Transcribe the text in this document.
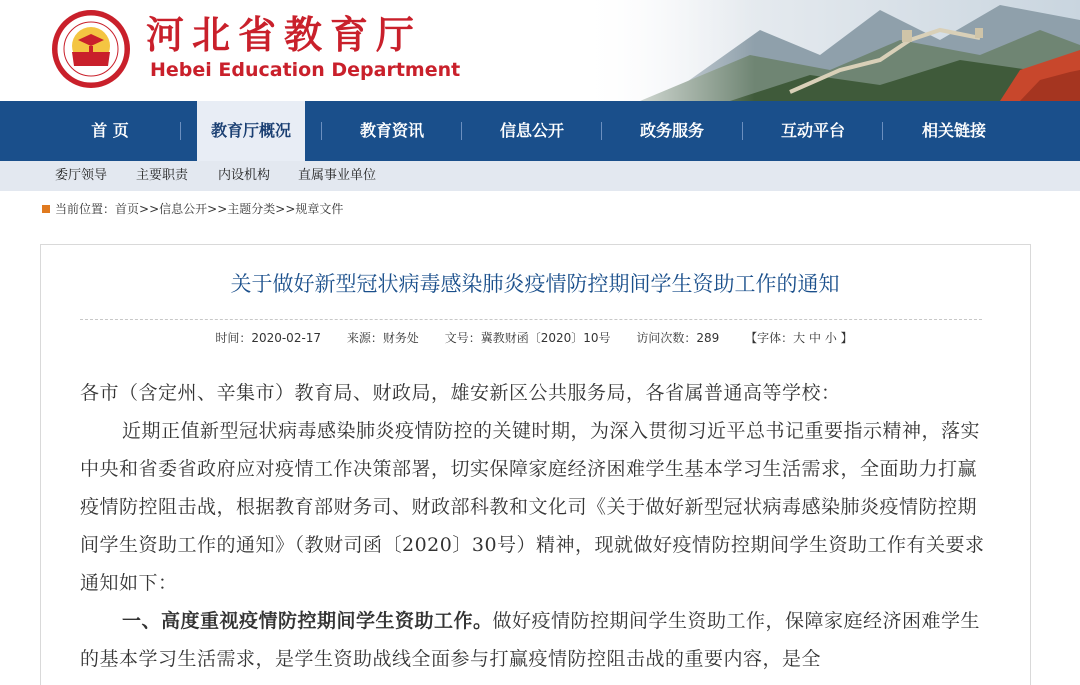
河北省教育厅
Hebei Education Department
首 页	教育厅概况	教育资讯	信息公开	政务服务	互动平台	相关链接
委厅领导 主要职责 内设机构 直属事业单位
当前位置：首页>>信息公开>>主题分类>>规章文件
关于做好新型冠状病毒感染肺炎疫情防控期间学生资助工作的通知
时间：2020-02-17 来源：财务处 文号：冀教财函〔2020〕10号 访问次数：289 【字体：大 中 小 】

各市（含定州、辛集市）教育局、财政局，雄安新区公共服务局，各省属普通高等学校：

近期正值新型冠状病毒感染肺炎疫情防控的关键时期，为深入贯彻习近平总书记重要指示精神，落实中央和省委省政府应对疫情工作决策部署，切实保障家庭经济困难学生基本学习生活需求，全面助力打赢疫情防控阻击战，根据教育部财务司、财政部科教和文化司《关于做好新型冠状病毒感染肺炎疫情防控期间学生资助工作的通知》（教财司函〔2020〕30号）精神，现就做好疫情防控期间学生资助工作有关要求通知如下：

一、高度重视疫情防控期间学生资助工作。做好疫情防控期间学生资助工作，保障家庭经济困难学生的基本学习生活需求，是学生资助战线全面参与打赢疫情防控阻击战的重要内容，是全
